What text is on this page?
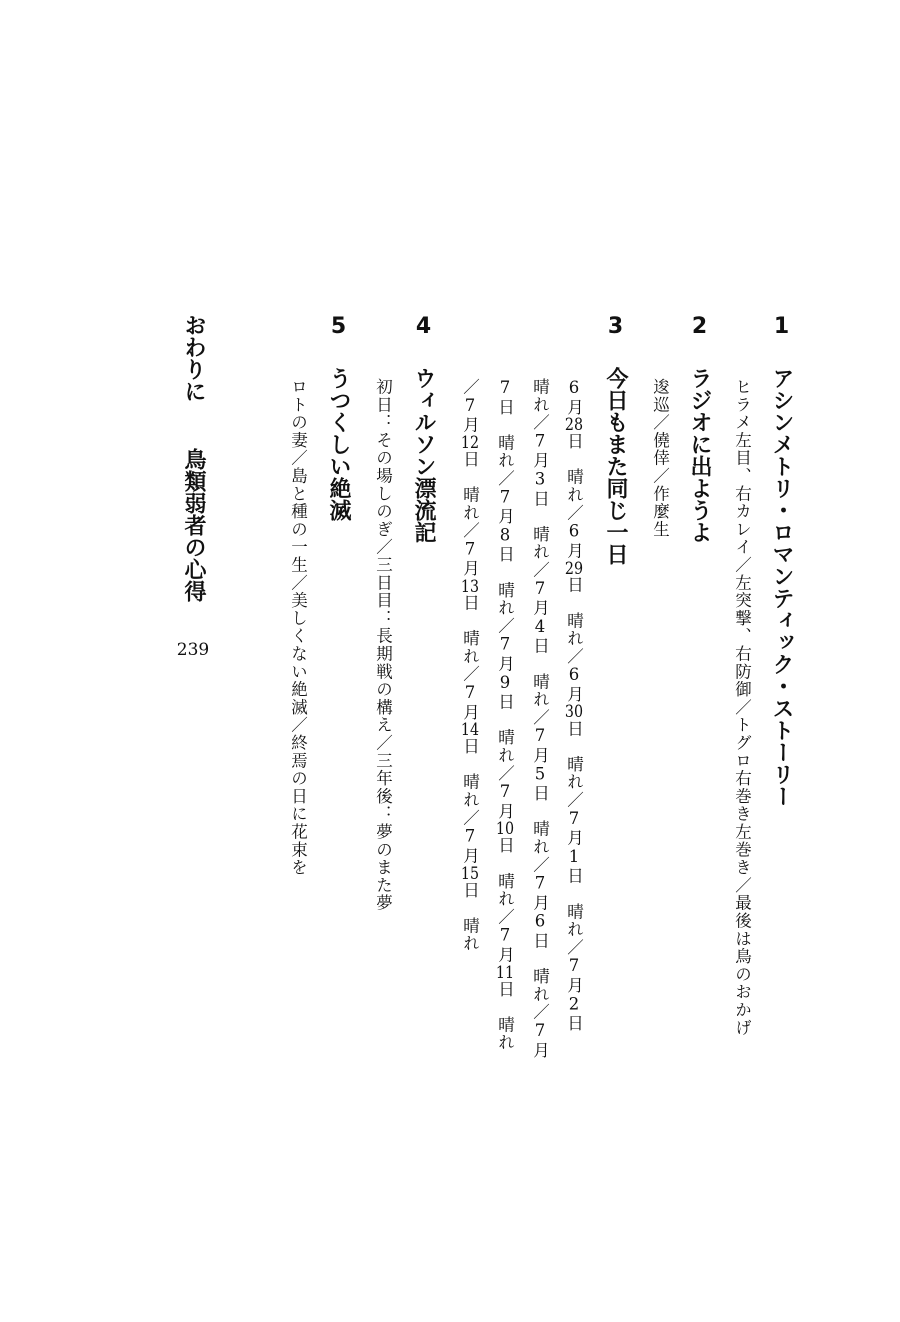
1アシンメトリ・ロマンティック・ストーリー
ヒラメ左目、右カレイ／左突撃、右防御／トグロ右巻き左巻き／最後は鳥のおかげ
2ラジオに出ようよ
逡巡／僥倖／作麼生
3今日もまた同じ一日
6月28日　晴れ／6月29日　晴れ／6月30日　晴れ／7月1日　晴れ／7月2日
晴れ／7月3日　晴れ／7月4日　晴れ／7月5日　晴れ／7月6日　晴れ／7月
7日　晴れ／7月8日　晴れ／7月9日　晴れ／7月10日　晴れ／7月11日　晴れ
／7月12日　晴れ／7月13日　晴れ／7月14日　晴れ／7月15日　晴れ
4ウィルソン漂流記
初日：その場しのぎ／三日目：長期戦の構え／三年後：夢のまた夢
5うつくしい絶滅
ロトの妻／島と種の一生／美しくない絶滅／終焉の日に花束を
おわりに鳥類弱者の心得
239
